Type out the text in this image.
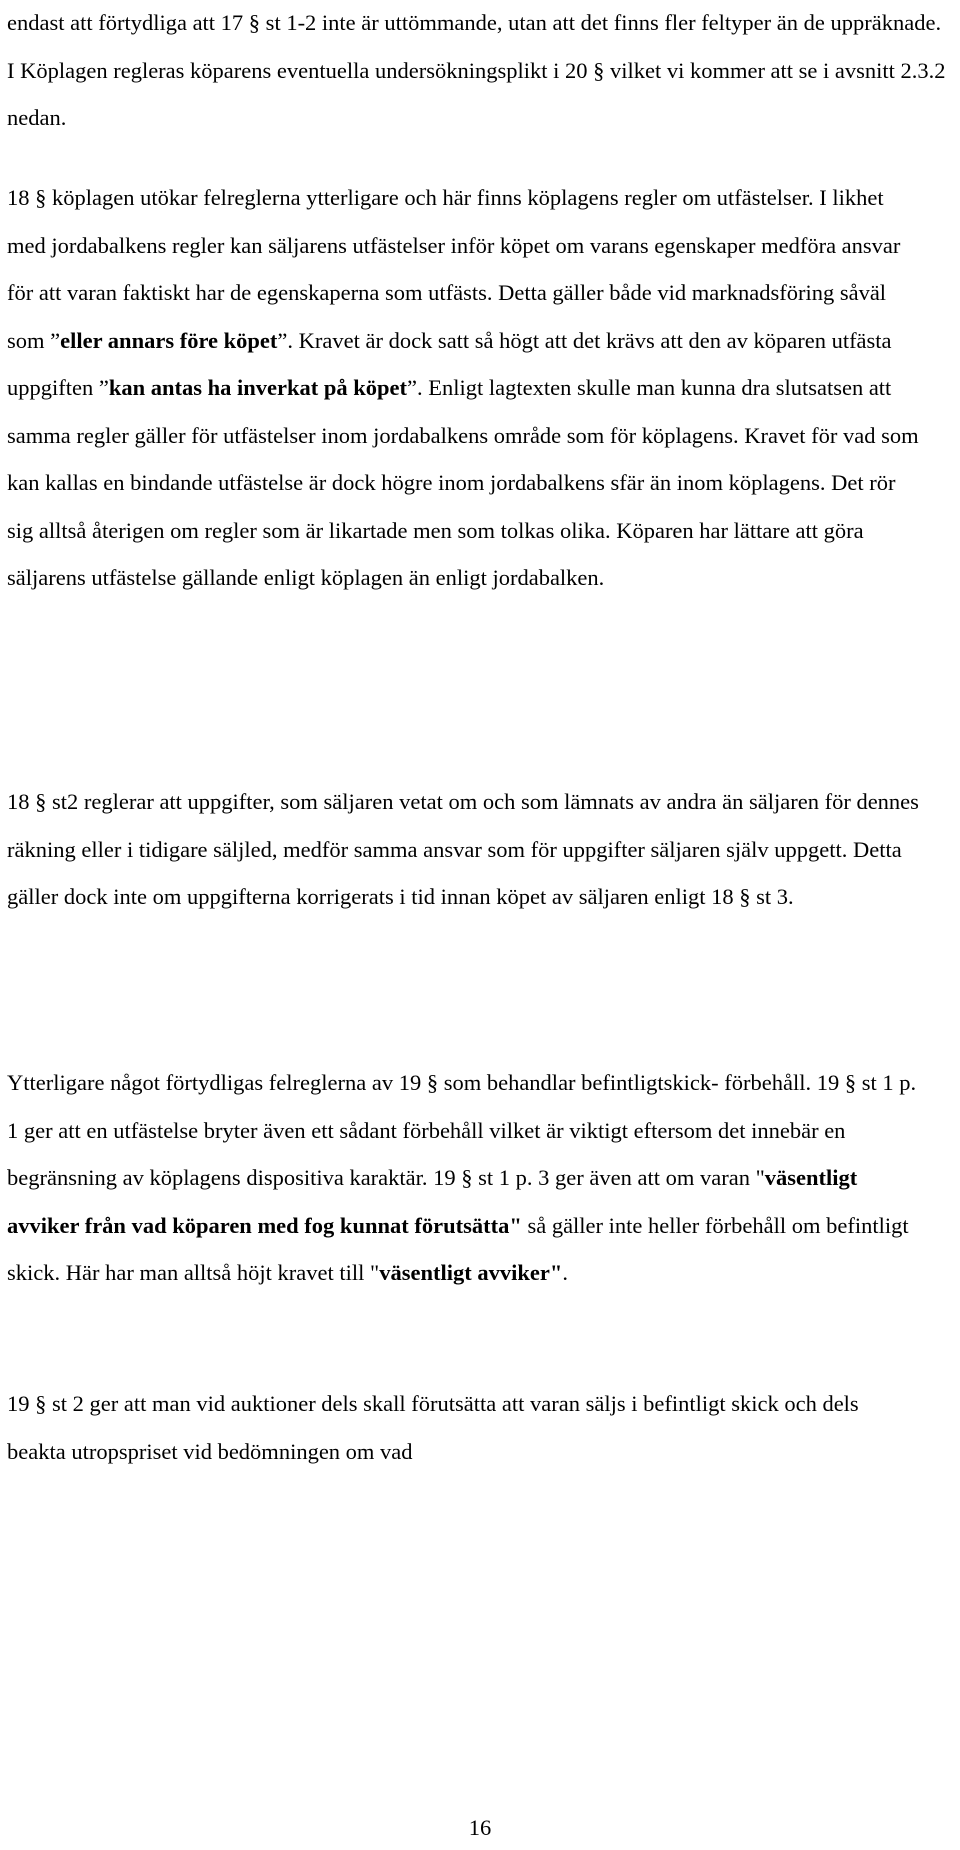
endast att förtydliga att 17 § st 1-2 inte är uttömmande, utan att det finns fler feltyper än de uppräknade. I Köplagen regleras köparens eventuella undersökningsplikt i 20 § vilket vi kommer att se i avsnitt 2.3.2 nedan.

18 § köplagen utökar felreglerna ytterligare och här finns köplagens regler om utfästelser. I likhet med jordabalkens regler kan säljarens utfästelser inför köpet om varans egenskaper medföra ansvar för att varan faktiskt har de egenskaperna som utfästs. Detta gäller både vid marknadsföring såväl som ”eller annars före köpet”. Kravet är dock satt så högt att det krävs att den av köparen utfästa uppgiften ”kan antas ha inverkat på köpet”. Enligt lagtexten skulle man kunna dra slutsatsen att samma regler gäller för utfästelser inom jordabalkens område som för köplagens. Kravet för vad som kan kallas en bindande utfästelse är dock högre inom jordabalkens sfär än inom köplagens. Det rör sig alltså återigen om regler som är likartade men som tolkas olika. Köparen har lättare att göra säljarens utfästelse gällande enligt köplagen än enligt jordabalken.

18 § st2 reglerar att uppgifter, som säljaren vetat om och som lämnats av andra än säljaren för dennes räkning eller i tidigare säljled, medför samma ansvar som för uppgifter säljaren själv uppgett. Detta gäller dock inte om uppgifterna korrigerats i tid innan köpet av säljaren enligt 18 § st 3.

Ytterligare något förtydligas felreglerna av 19 § som behandlar befintligtskick- förbehåll. 19 § st 1 p. 1 ger att en utfästelse bryter även ett sådant förbehåll vilket är viktigt eftersom det innebär en begränsning av köplagens dispositiva karaktär. 19 § st 1 p. 3 ger även att om varan "väsentligt avviker från vad köparen med fog kunnat förutsätta" så gäller inte heller förbehåll om befintligt skick. Här har man alltså höjt kravet till "väsentligt avviker".

19 § st 2 ger att man vid auktioner dels skall förutsätta att varan säljs i befintligt skick och dels beakta utropspriset vid bedömningen om vad

16
